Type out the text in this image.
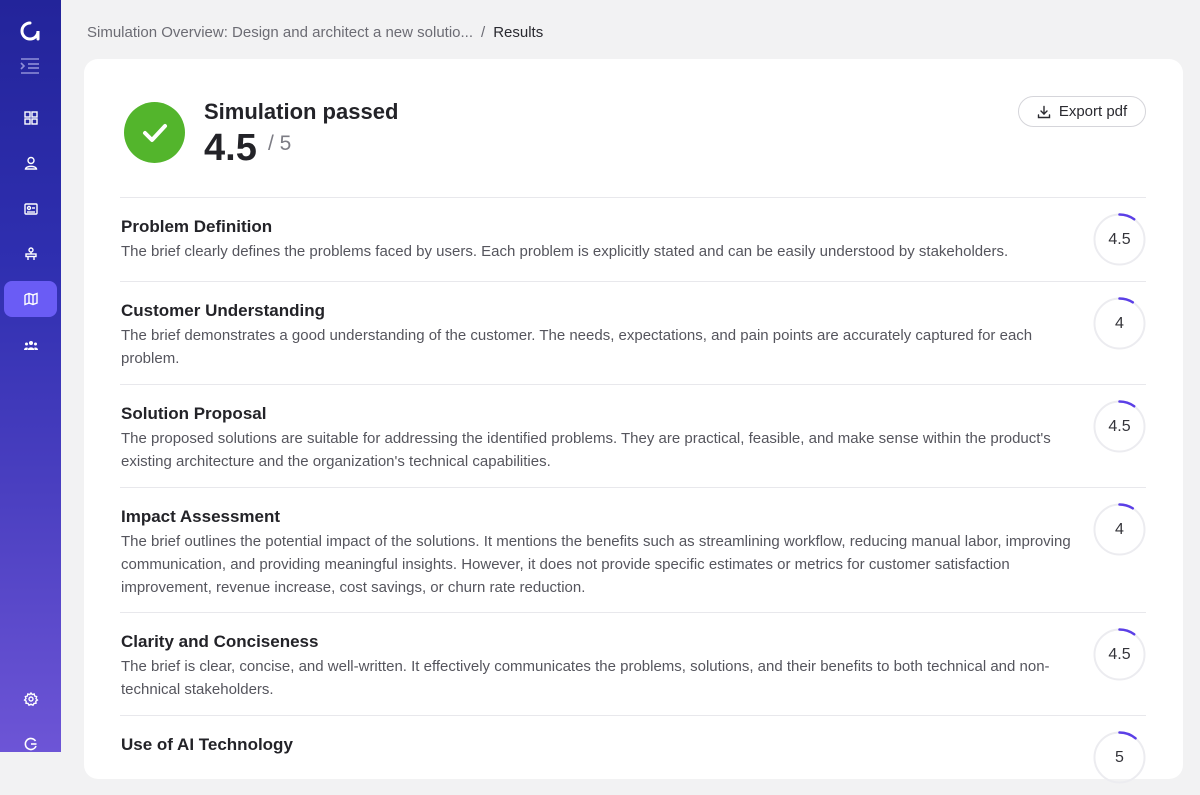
Simulation Overview: Design and architect a new solutio... / Results
Simulation passed
4.5 / 5
Export pdf
Problem Definition
The brief clearly defines the problems faced by users. Each problem is explicitly stated and can be easily understood by stakeholders.
4.5
Customer Understanding
The brief demonstrates a good understanding of the customer. The needs, expectations, and pain points are accurately captured for each problem.
4
Solution Proposal
The proposed solutions are suitable for addressing the identified problems. They are practical, feasible, and make sense within the product's existing architecture and the organization's technical capabilities.
4.5
Impact Assessment
The brief outlines the potential impact of the solutions. It mentions the benefits such as streamlining workflow, reducing manual labor, improving communication, and providing meaningful insights. However, it does not provide specific estimates or metrics for customer satisfaction improvement, revenue increase, cost savings, or churn rate reduction.
4
Clarity and Conciseness
The brief is clear, concise, and well-written. It effectively communicates the problems, solutions, and their benefits to both technical and non-technical stakeholders.
4.5
Use of AI Technology
5
